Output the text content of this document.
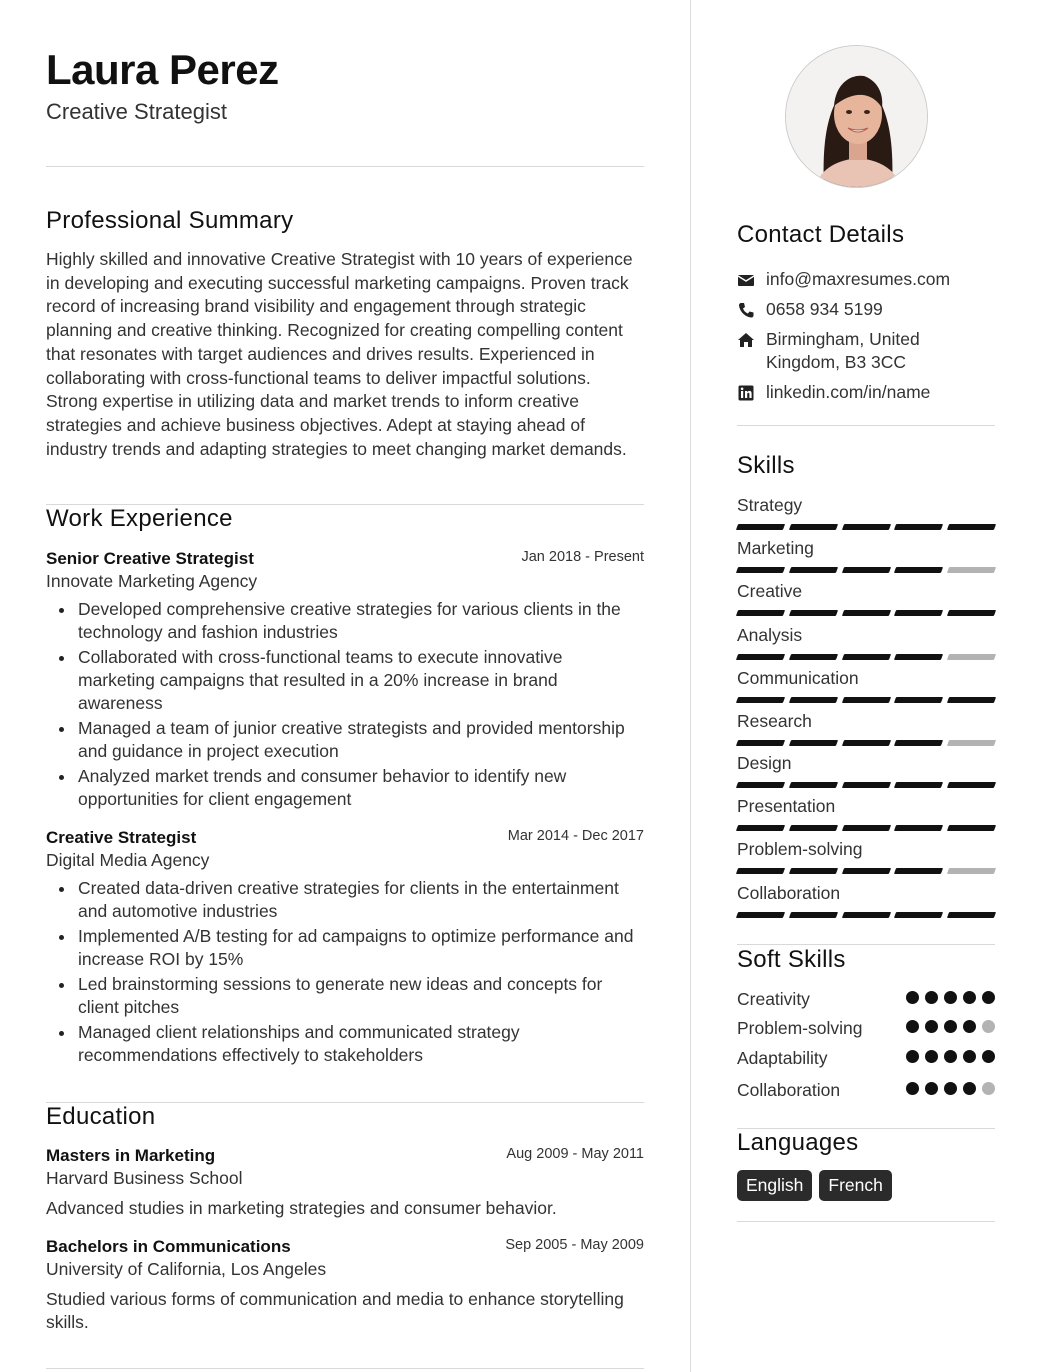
Laura Perez
Creative Strategist
Professional Summary
Highly skilled and innovative Creative Strategist with 10 years of experience in developing and executing successful marketing campaigns. Proven track record of increasing brand visibility and engagement through strategic planning and creative thinking. Recognized for creating compelling content that resonates with target audiences and drives results. Experienced in collaborating with cross-functional teams to deliver impactful solutions. Strong expertise in utilizing data and market trends to inform creative strategies and achieve business objectives. Adept at staying ahead of industry trends and adapting strategies to meet changing market demands.
Work Experience
Senior Creative Strategist	Jan 2018 - Present
Innovate Marketing Agency
Developed comprehensive creative strategies for various clients in the technology and fashion industries
Collaborated with cross-functional teams to execute innovative marketing campaigns that resulted in a 20% increase in brand awareness
Managed a team of junior creative strategists and provided mentorship and guidance in project execution
Analyzed market trends and consumer behavior to identify new opportunities for client engagement
Creative Strategist	Mar 2014 - Dec 2017
Digital Media Agency
Created data-driven creative strategies for clients in the entertainment and automotive industries
Implemented A/B testing for ad campaigns to optimize performance and increase ROI by 15%
Led brainstorming sessions to generate new ideas and concepts for client pitches
Managed client relationships and communicated strategy recommendations effectively to stakeholders
Education
Masters in Marketing	Aug 2009 - May 2011
Harvard Business School
Advanced studies in marketing strategies and consumer behavior.
Bachelors in Communications	Sep 2005 - May 2009
University of California, Los Angeles
Studied various forms of communication and media to enhance storytelling skills.
Contact Details
info@maxresumes.com
0658 934 5199
Birmingham, United Kingdom, B3 3CC
linkedin.com/in/name
Skills
Strategy
Marketing
Creative
Analysis
Communication
Research
Design
Presentation
Problem-solving
Collaboration
Soft Skills
Creativity
Problem-solving
Adaptability
Collaboration
Languages
English	French
